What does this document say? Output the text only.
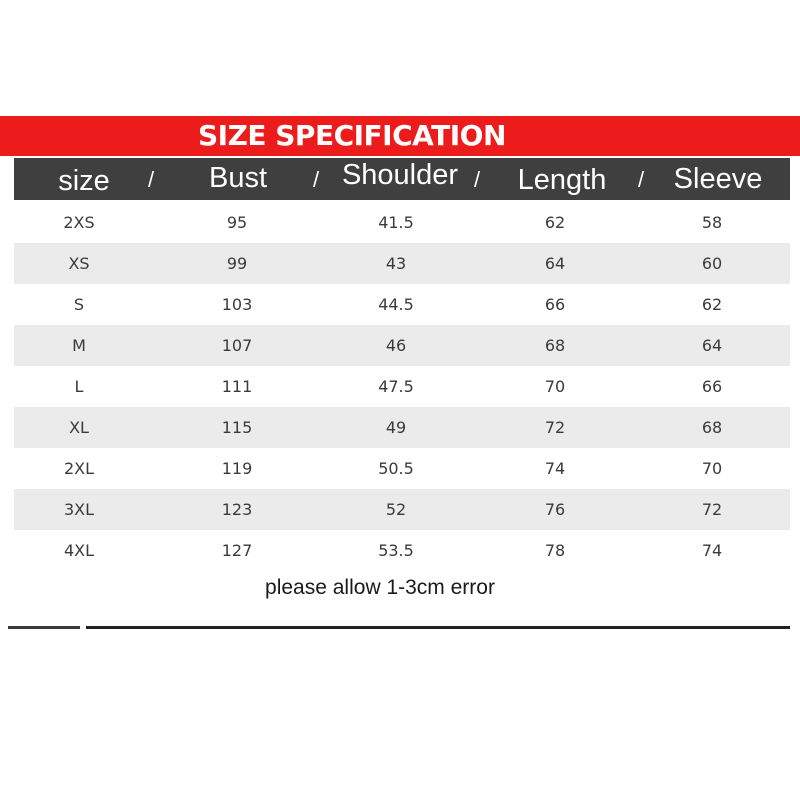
SIZE SPECIFICATION
size	/	Bust	/ Shoulder /	Length	/	Sleeve
2XS	95	41.5	62	58
XS	99	43	64	60
S	103	44.5	66	62
M	107	46	68	64
L	111	47.5	70	66
XL	115	49	72	68
2XL	119	50.5	74	70
3XL	123	52	76	72
4XL	127	53.5	78	74
please allow 1-3cm error
